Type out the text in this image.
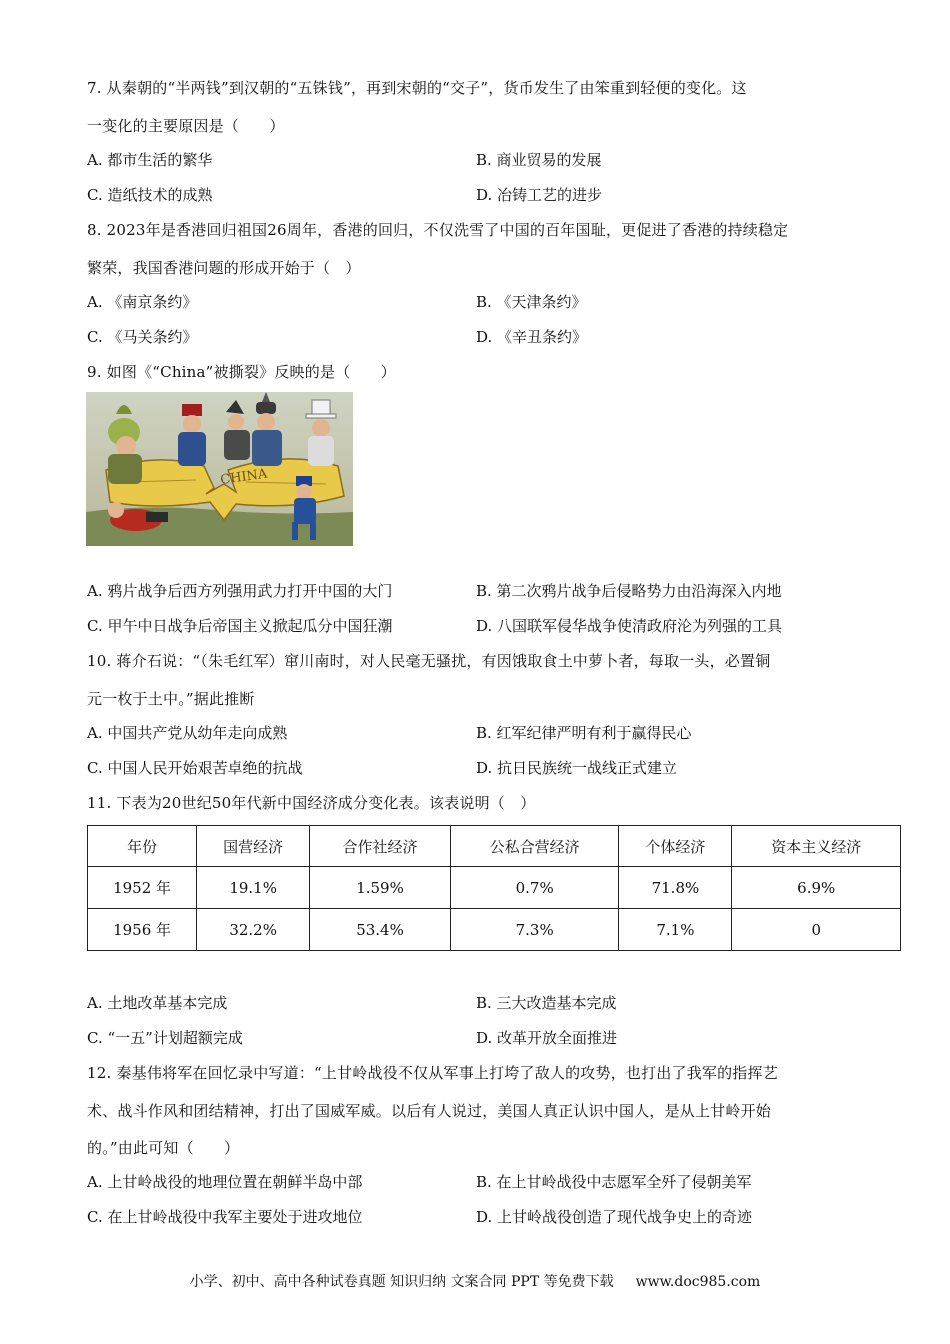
7. 从秦朝的“半两钱”到汉朝的“五铢钱”，再到宋朝的“交子”，货币发生了由笨重到轻便的变化。这
一变化的主要原因是（　　）
A. 都市生活的繁华	B. 商业贸易的发展
C. 造纸技术的成熟	D. 冶铸工艺的进步
8. 2023年是香港回归祖国26周年，香港的回归，不仅洗雪了中国的百年国耻，更促进了香港的持续稳定
繁荣，我国香港问题的形成开始于（　）
A. 《南京条约》	B. 《天津条约》
C. 《马关条约》	D. 《辛丑条约》
9. 如图《“China”被撕裂》反映的是（　　）
CHINA
A. 鸦片战争后西方列强用武力打开中国的大门	B. 第二次鸦片战争后侵略势力由沿海深入内地
C. 甲午中日战争后帝国主义掀起瓜分中国狂潮	D. 八国联军侵华战争使清政府沦为列强的工具
10. 蒋介石说：“（朱毛红军）窜川南时，对人民毫无骚扰，有因饿取食土中萝卜者，每取一头，必置铜
元一枚于土中。”据此推断
A. 中国共产党从幼年走向成熟	B. 红军纪律严明有利于赢得民心
C. 中国人民开始艰苦卓绝的抗战	D. 抗日民族统一战线正式建立
11. 下表为20世纪50年代新中国经济成分变化表。该表说明（　）
年份	国营经济	合作社经济	公私合营经济	个体经济	资本主义经济
1952 年	19.1%	1.59%	0.7%	71.8%	6.9%
1956 年	32.2%	53.4%	7.3%	7.1%	0
A. 土地改革基本完成	B. 三大改造基本完成
C. “一五”计划超额完成	D. 改革开放全面推进
12. 秦基伟将军在回忆录中写道：“上甘岭战役不仅从军事上打垮了敌人的攻势，也打出了我军的指挥艺
术、战斗作风和团结精神，打出了国威军威。以后有人说过，美国人真正认识中国人，是从上甘岭开始
的。”由此可知（　　）
A. 上甘岭战役的地理位置在朝鲜半岛中部	B. 在上甘岭战役中志愿军全歼了侵朝美军
C. 在上甘岭战役中我军主要处于进攻地位	D. 上甘岭战役创造了现代战争史上的奇迹
小学、初中、高中各种试卷真题 知识归纳 文案合同 PPT 等免费下载 www.doc985.com
